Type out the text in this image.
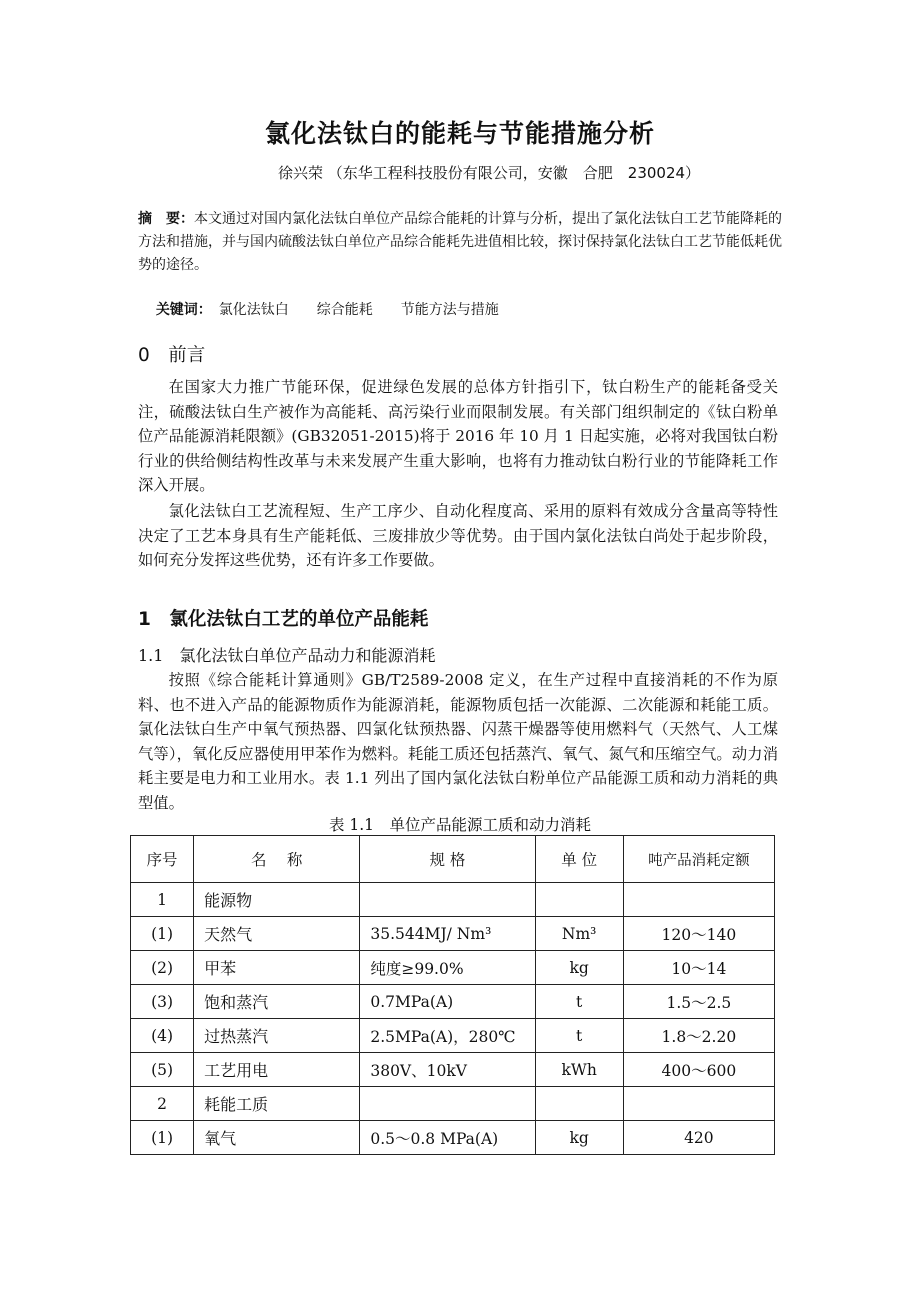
氯化法钛白的能耗与节能措施分析
徐兴荣 （东华工程科技股份有限公司，安徽　合肥　230024）
摘　要：本文通过对国内氯化法钛白单位产品综合能耗的计算与分析，提出了氯化法钛白工艺节能降耗的方法和措施，并与国内硫酸法钛白单位产品综合能耗先进值相比较，探讨保持氯化法钛白工艺节能低耗优势的途径。

关键词：　氯化法钛白　　综合能耗　　节能方法与措施

0　前言
在国家大力推广节能环保，促进绿色发展的总体方针指引下，钛白粉生产的能耗备受关注，硫酸法钛白生产被作为高能耗、高污染行业而限制发展。有关部门组织制定的《钛白粉单位产品能源消耗限额》(GB32051-2015)将于 2016 年 10 月 1 日起实施，必将对我国钛白粉行业的供给侧结构性改革与未来发展产生重大影响，也将有力推动钛白粉行业的节能降耗工作深入开展。
氯化法钛白工艺流程短、生产工序少、自动化程度高、采用的原料有效成分含量高等特性决定了工艺本身具有生产能耗低、三废排放少等优势。由于国内氯化法钛白尚处于起步阶段，如何充分发挥这些优势，还有许多工作要做。
1　氯化法钛白工艺的单位产品能耗
1.1　氯化法钛白单位产品动力和能源消耗
按照《综合能耗计算通则》GB/T2589-2008 定义，在生产过程中直接消耗的不作为原料、也不进入产品的能源物质作为能源消耗，能源物质包括一次能源、二次能源和耗能工质。氯化法钛白生产中氧气预热器、四氯化钛预热器、闪蒸干燥器等使用燃料气（天然气、人工煤气等），氧化反应器使用甲苯作为燃料。耗能工质还包括蒸汽、氧气、氮气和压缩空气。动力消耗主要是电力和工业用水。表 1.1 列出了国内氯化法钛白粉单位产品能源工质和动力消耗的典型值。
表 1.1　单位产品能源工质和动力消耗
序号	名　 称	规 格	单 位	吨产品消耗定额
1	能源物			
(1)	天然气	35.544MJ/ Nm³	Nm³	120～140
(2)	甲苯	纯度≥99.0%	kg	10～14
(3)	饱和蒸汽	0.7MPa(A)	t	1.5～2.5
(4)	过热蒸汽	2.5MPa(A)，280℃	t	1.8～2.20
(5)	工艺用电	380V、10kV	kWh	400～600
2	耗能工质			
(1)	氧气	0.5～0.8 MPa(A)	kg	420
